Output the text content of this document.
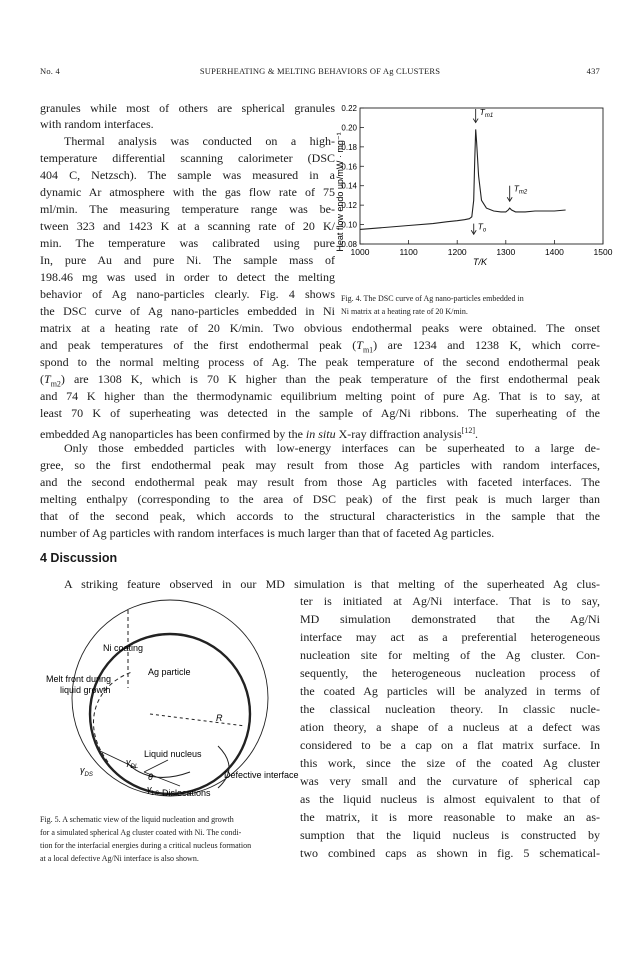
No. 4	SUPERHEATING & MELTING BEHAVIORS OF Ag CLUSTERS	437
granules while most of others are spherical granules
with random interfaces.
Thermal analysis was conducted on a high-
temperature differential scanning calorimeter (DSC
404 C, Netzsch). The sample was measured in a
dynamic Ar atmosphere with the gas flow rate of 75
ml/min. The measuring temperature range was be-
tween 323 and 1423 K at a scanning rate of 20 K/
min. The temperature was calibrated using pure
In, pure Au and pure Ni. The sample mass of
198.46 mg was used in order to detect the melting
behavior of Ag nano-particles clearly. Fig. 4 shows
the DSC curve of Ag nano-particles embedded in Ni
Heat flow endo up/mW · mg⁻¹
1000	1100	1200	1300	1400	1500
0.08
0.10
0.12
0.14
0.16
0.18
0.20
0.22	$T_{m1}$
$T_{m2}$
$T_o$
T/K
Fig. 4. The DSC curve of Ag nano-particles embedded in
Ni matrix at a heating rate of 20 K/min.
matrix at a heating rate of 20 K/min. Two obvious endothermal peaks were obtained. The onset
and peak temperatures of the first endothermal peak $(T_{m1})$ are 1234 and 1238 K, which corre-
spond to the normal melting process of Ag. The peak temperature of the second endothermal peak
$(T_{m2})$ are 1308 K, which is 70 K higher than the peak temperature of the first endothermal peak
and 74 K higher than the thermodynamic equilibrium melting point of pure Ag. That is to say, at
least 70 K of superheating was detected in the sample of Ag/Ni ribbons. The superheating of the
embedded Ag nanoparticles has been confirmed by the in situ X-ray diffraction analysis[12].
Only those embedded particles with low-energy interfaces can be superheated to a large de-
gree, so the first endothermal peak may result from those Ag particles with random interfaces,
and the second endothermal peak may result from those Ag particles with faceted interfaces. The
melting enthalpy (corresponding to the area of DSC peak) of the first peak is much larger than
that of the second peak, which accords to the structural characteristics in the sample that the
number of Ag particles with random interfaces is much larger than that of faceted Ag particles.
4 Discussion
A striking feature observed in our MD simulation is that melting of the superheated Ag clus-
Ni coating
Melt front during
liquid growth
Ag particle
R
Liquid nucleus
$\gamma_{DL}$
$\gamma_{DS}$	θ
$\gamma_{LS}$
Defective interface
Dislocations
Fig. 5. A schematic view of the liquid nucleation and growth
for a simulated spherical Ag cluster coated with Ni. The condi-
tion for the interfacial energies during a critical nucleus formation
at a local defective Ag/Ni interface is also shown.
ter is initiated at Ag/Ni interface. That is to say,
MD simulation demonstrated that the Ag/Ni
interface may act as a preferential heterogeneous
nucleation site for melting of the Ag cluster. Con-
sequently, the heterogeneous nucleation process of
the coated Ag particles will be analyzed in terms of
the classical nucleation theory. In classic nucle-
ation theory, a shape of a nucleus at a defect was
considered to be a cap on a flat matrix surface. In
this work, since the size of the coated Ag cluster
was very small and the curvature of spherical cap
as the liquid nucleus is almost equivalent to that of
the matrix, it is more reasonable to make an as-
sumption that the liquid nucleus is constructed by
two combined caps as shown in fig. 5 schematical-
